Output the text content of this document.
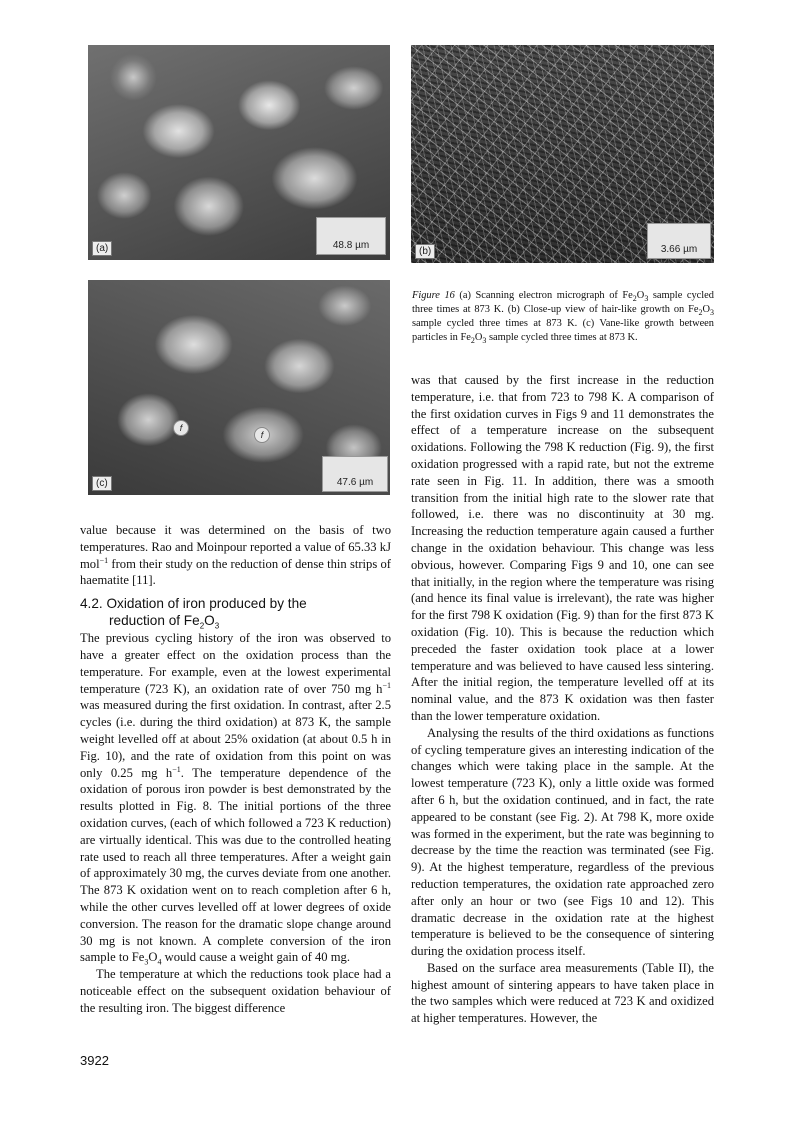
48.8 µm
(a)	3.66 µm
(b)
f
f
47.6 µm
(c)
Figure 16 (a) Scanning electron micrograph of $Fe_2O_3$ sample cycled three times at 873 K. (b) Close-up view of hair-like growth on $Fe_2O_3$ sample cycled three times at 873 K. (c) Vane-like growth between particles in $Fe_2O_3$ sample cycled three times at 873 K.

value because it was determined on the basis of two temperatures. Rao and Moinpour reported a value of 65.33 kJ mol$^{-1}$ from their study on the reduction of dense thin strips of haematite [11].

4.2. Oxidation of iron produced by the
reduction of $Fe_2O_3$

The previous cycling history of the iron was observed to have a greater effect on the oxidation process than the temperature. For example, even at the lowest experimental temperature (723 K), an oxidation rate of over 750 mg $h^{-1}$ was measured during the first oxidation. In contrast, after 2.5 cycles (i.e. during the third oxidation) at 873 K, the sample weight levelled off at about 25% oxidation (at about 0.5 h in Fig. 10), and the rate of oxidation from this point on was only 0.25 mg $h^{-1}$. The temperature dependence of the oxidation of porous iron powder is best demonstrated by the results plotted in Fig. 8. The initial portions of the three oxidation curves, (each of which followed a 723 K reduction) are virtually identical. This was due to the controlled heating rate used to reach all three temperatures. After a weight gain of approximately 30 mg, the curves deviate from one another. The 873 K oxidation went on to reach completion after 6 h, while the other curves levelled off at lower degrees of oxide conversion. The reason for the dramatic slope change around 30 mg is not known. A complete conversion of the iron sample to $Fe_3O_4$ would cause a weight gain of 40 mg.

The temperature at which the reductions took place had a noticeable effect on the subsequent oxidation behaviour of the resulting iron. The biggest difference

was that caused by the first increase in the reduction temperature, i.e. that from 723 to 798 K. A comparison of the first oxidation curves in Figs 9 and 11 demonstrates the effect of a temperature increase on the subsequent oxidations. Following the 798 K reduction (Fig. 9), the first oxidation progressed with a rapid rate, but not the extreme rate seen in Fig. 11. In addition, there was a smooth transition from the initial high rate to the slower rate that followed, i.e. there was no discontinuity at 30 mg. Increasing the reduction temperature again caused a further change in the oxidation behaviour. This change was less obvious, however. Comparing Figs 9 and 10, one can see that initially, in the region where the temperature was rising (and hence its final value is irrelevant), the rate was higher for the first 798 K oxidation (Fig. 9) than for the first 873 K oxidation (Fig. 10). This is because the reduction which preceded the faster oxidation took place at a lower temperature and was believed to have caused less sintering. After the initial region, the temperature levelled off at its nominal value, and the 873 K oxidation was then faster than the lower temperature oxidation.

Analysing the results of the third oxidations as functions of cycling temperature gives an interesting indication of the changes which were taking place in the sample. At the lowest temperature (723 K), only a little oxide was formed after 6 h, but the oxidation continued, and in fact, the rate appeared to be constant (see Fig. 2). At 798 K, more oxide was formed in the experiment, but the rate was beginning to decrease by the time the reaction was terminated (see Fig. 9). At the highest temperature, regardless of the previous reduction temperatures, the oxidation rate approached zero after only an hour or two (see Figs 10 and 12). This dramatic decrease in the oxidation rate at the highest temperature is believed to be the consequence of sintering during the oxidation process itself.

Based on the surface area measurements (Table II), the highest amount of sintering appears to have taken place in the two samples which were reduced at 723 K and oxidized at higher temperatures. However, the

3922
